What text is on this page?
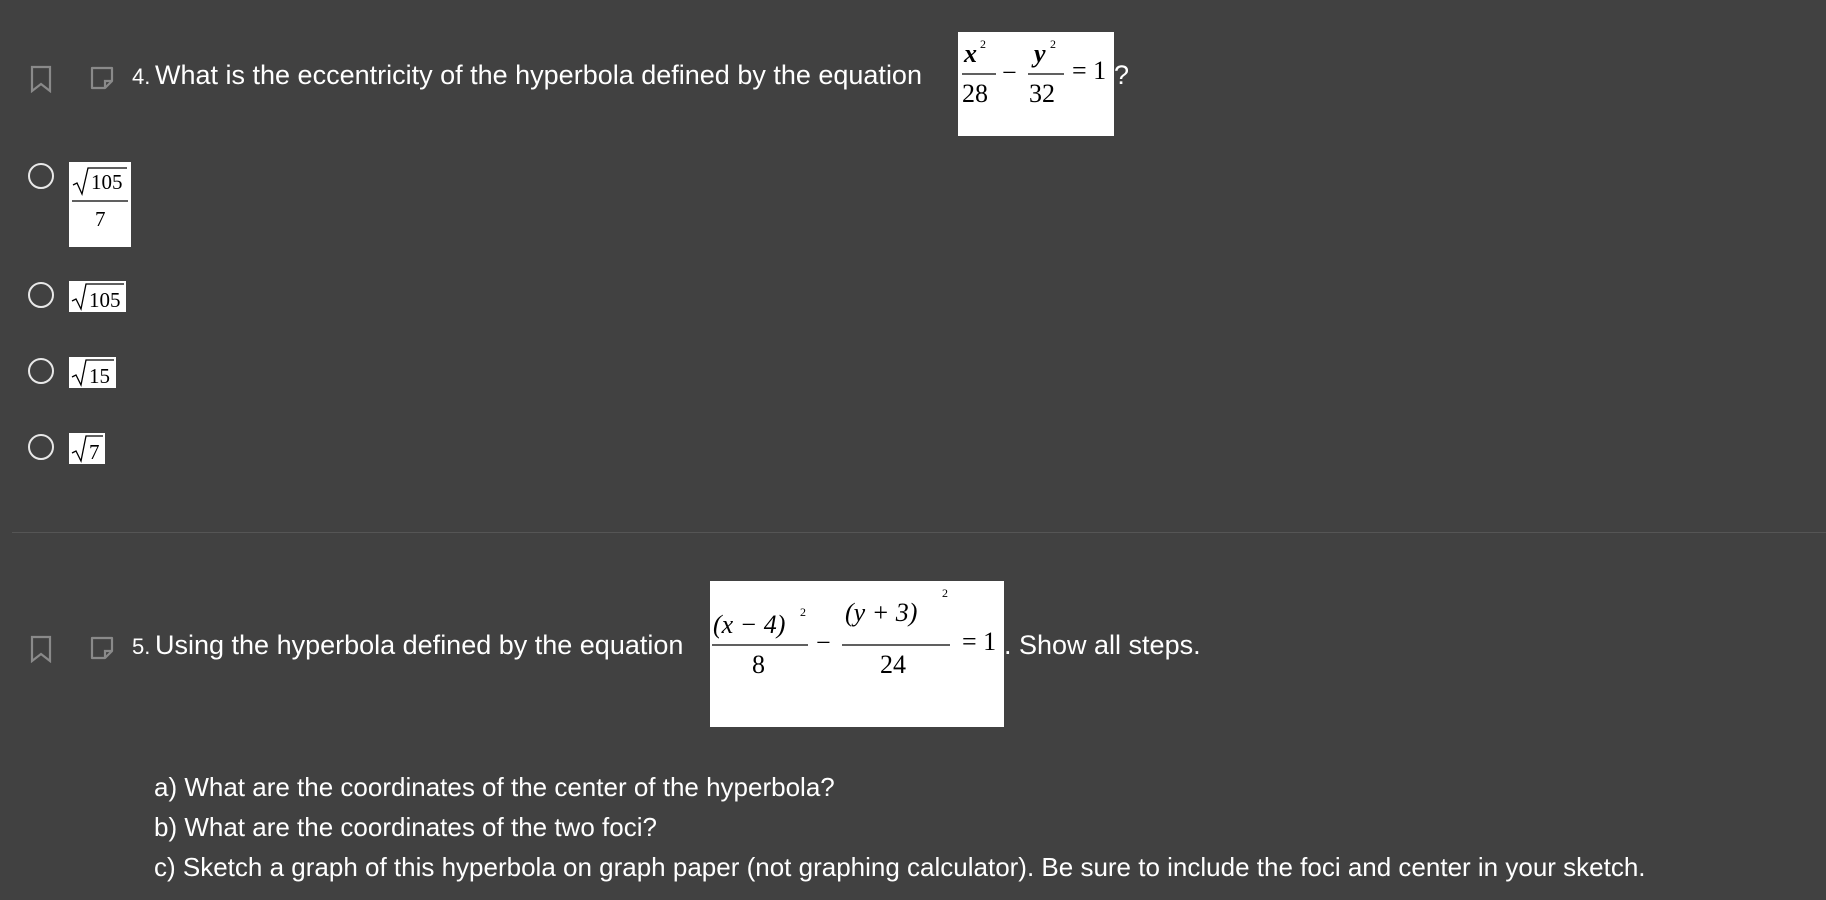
4. What is the eccentricity of the hyperbola defined by the equation
x 2
28
−
y 2
32
= 1 ?
105
7
105
15
7
5. Using the hyperbola defined by the equation
(x − 4) 2
8
−
(y + 3)
2
24
= 1 . Show all steps.
a) What are the coordinates of the center of the hyperbola?
b) What are the coordinates of the two foci?
c) Sketch a graph of this hyperbola on graph paper (not graphing calculator). Be sure to include the foci and center in your sketch.
